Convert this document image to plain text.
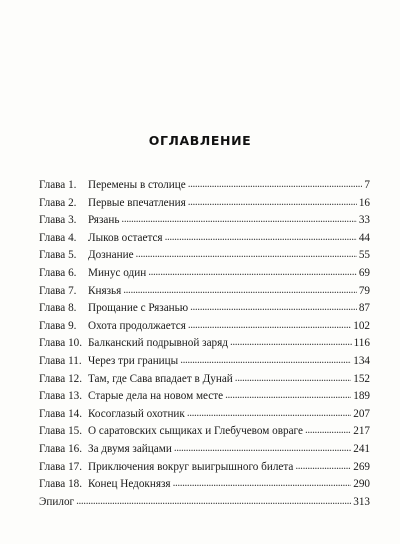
ОГЛАВЛЕНИЕ
Глава 1.	Перемены в столице . . .	7
Глава 2.	Первые впечатления . . .	16
Глава 3.	Рязань . . .	33
Глава 4.	Лыков остается . . .	44
Глава 5.	Дознание . . .	55
Глава 6.	Минус один . . .	69
Глава 7.	Князья . . .	79
Глава 8.	Прощание с Рязанью . . .	87
Глава 9.	Охота продолжается . . .	102
Глава 10. Балканский подрывной заряд . . .	116
Глава 11. Через три границы . . .	134
Глава 12. Там, где Сава впадает в Дунай . . .	152
Глава 13. Старые дела на новом месте . . .	189
Глава 14. Косоглазый охотник . . .	207
Глава 15. О саратовских сыщиках и Глебучевом овраге . . .	217
Глава 16. За двумя зайцами . . .	241
Глава 17. Приключения вокруг выигрышного билета . . .	269
Глава 18. Конец Недокнязя . . .	290
Эпилог . . .	313
